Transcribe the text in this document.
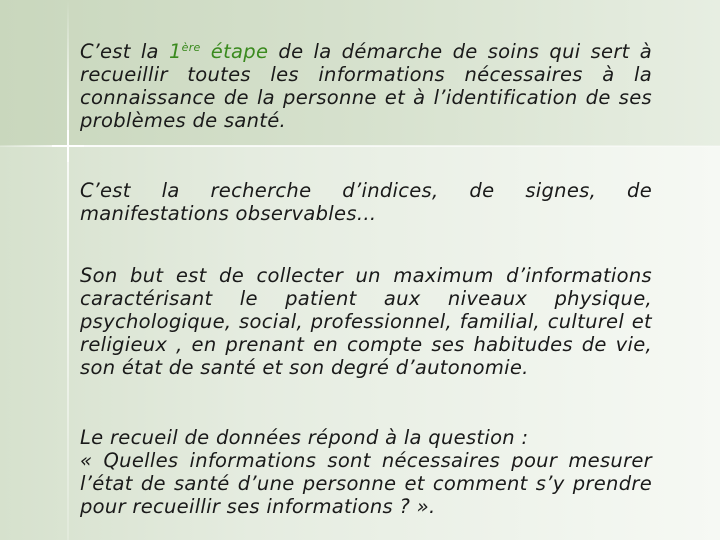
C’est la 1ère étape de la démarche de soins qui sert à recueillir toutes les informations nécessaires à la connaissance de la personne et à l’identification de ses problèmes de santé.

C’est la recherche d’indices, de signes, de manifestations observables…

Son but est de collecter un maximum d’informations caractérisant le patient aux niveaux physique, psychologique, social, professionnel, familial, culturel et religieux , en prenant en compte ses habitudes de vie, son état de santé et son degré d’autonomie.

Le recueil de données répond à la question :

« Quelles informations sont nécessaires pour mesurer l’état de santé d’une personne et comment s’y prendre pour recueillir ses informations ? ».
